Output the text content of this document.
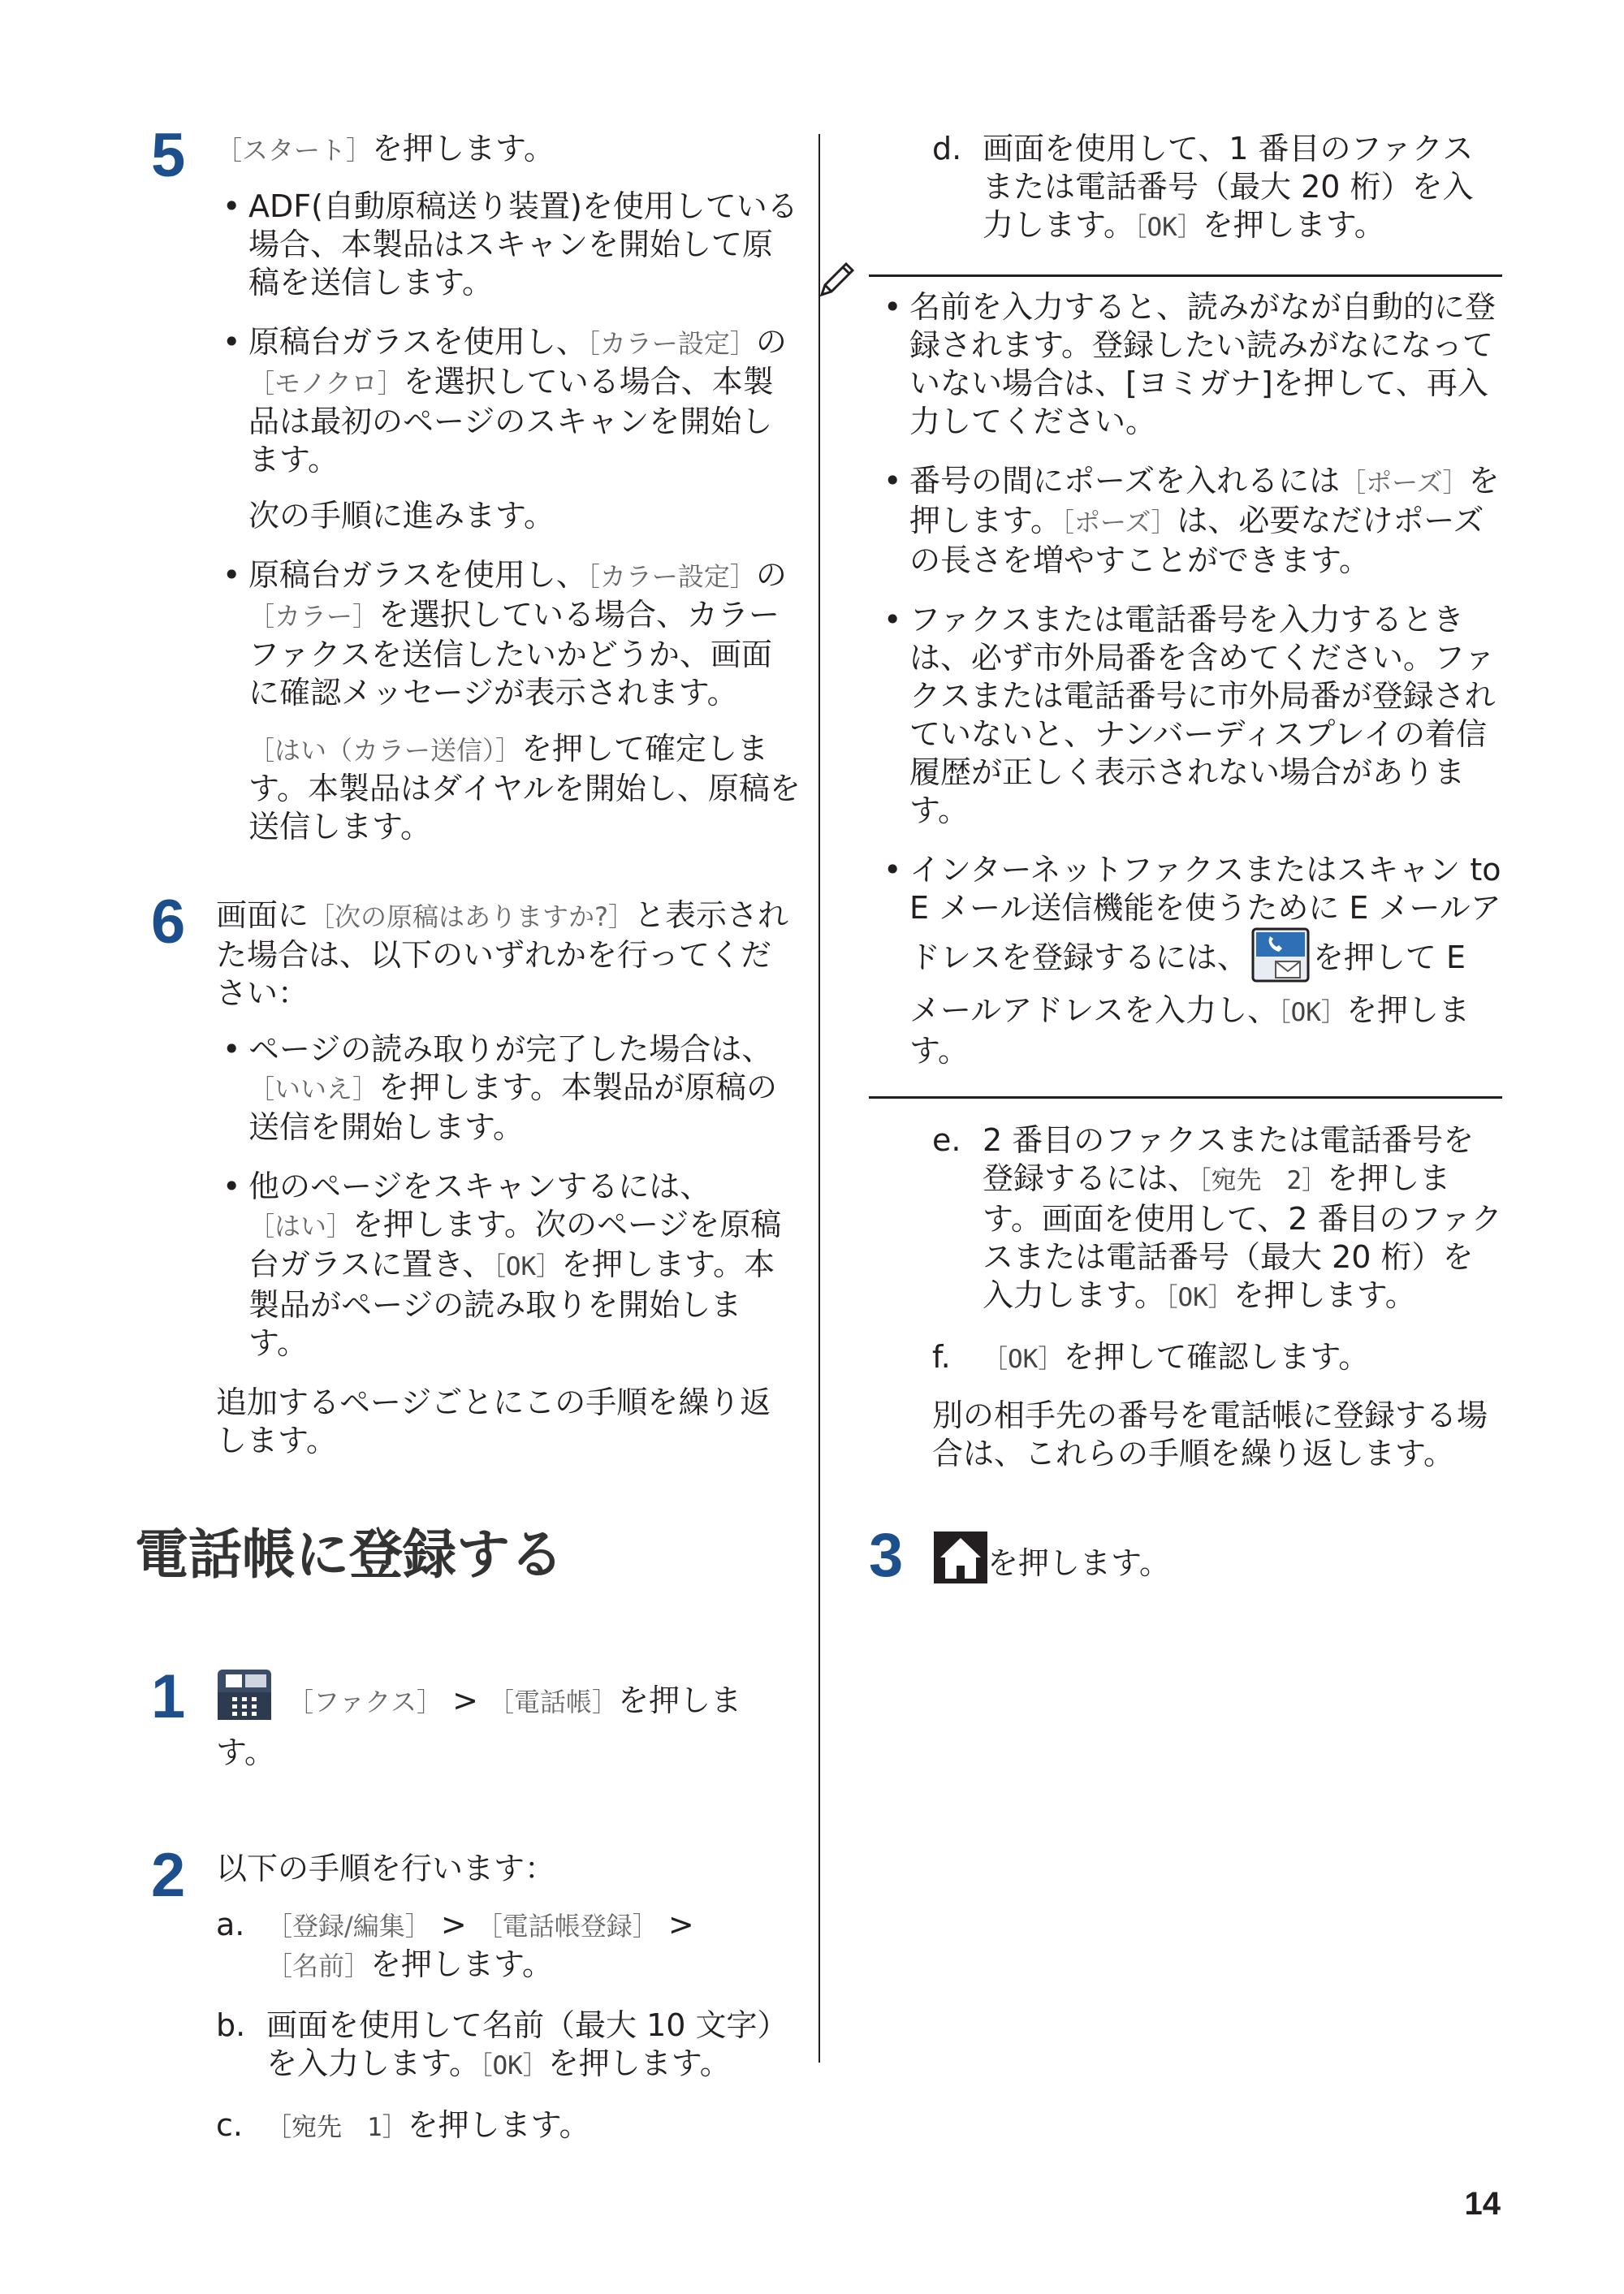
5 ［スタート］を押します。
• ADF(自動原稿送り装置)を使用している場合、本製品はスキャンを開始して原稿を送信します。
• 原稿台ガラスを使用し、［カラー設定］の［モノクロ］を選択している場合、本製品は最初のページのスキャンを開始します。
次の手順に進みます。
• 原稿台ガラスを使用し、［カラー設定］の［カラー］を選択している場合、カラーファクスを送信したいかどうか、画面に確認メッセージが表示されます。
［はい（カラー送信）］を押して確定します。本製品はダイヤルを開始し、原稿を送信します。
6 画面に［次の原稿はありますか?］と表示された場合は、以下のいずれかを行ってください：
• ページの読み取りが完了した場合は、［いいえ］を押します。本製品が原稿の送信を開始します。
• 他のページをスキャンするには、［はい］を押します。次のページを原稿台ガラスに置き、［OK］を押します。本製品がページの読み取りを開始します。
追加するページごとにこの手順を繰り返します。
電話帳に登録する
1	［ファクス］ > ［電話帳］を押します。
2 以下の手順を行います：
a. ［登録/編集］ > ［電話帳登録］ > ［名前］を押します。
b. 画面を使用して名前（最大 10 文字）を入力します。［OK］を押します。
c. ［宛先　1］を押します。
d. 画面を使用して、1 番目のファクスまたは電話番号（最大 20 桁）を入力します。［OK］を押します。
• 名前を入力すると、読みがなが自動的に登録されます。登録したい読みがなになっていない場合は、[ヨミガナ]を押して、再入力してください。
• 番号の間にポーズを入れるには［ポーズ］を押します。［ポーズ］は、必要なだけポーズの長さを増やすことができます。
• ファクスまたは電話番号を入力するときは、必ず市外局番を含めてください。ファクスまたは電話番号に市外局番が登録されていないと、ナンバーディスプレイの着信履歴が正しく表示されない場合があります。
• インターネットファクスまたはスキャン to E メール送信機能を使うために E メールアドレスを登録するには、 を押して E メールアドレスを入力し、［OK］を押します。
e. 2 番目のファクスまたは電話番号を登録するには、［宛先　2］を押します。画面を使用して、2 番目のファクスまたは電話番号（最大 20 桁）を入力します。［OK］を押します。
f. ［OK］を押して確認します。
別の相手先の番号を電話帳に登録する場合は、これらの手順を繰り返します。
3	を押します。
14
